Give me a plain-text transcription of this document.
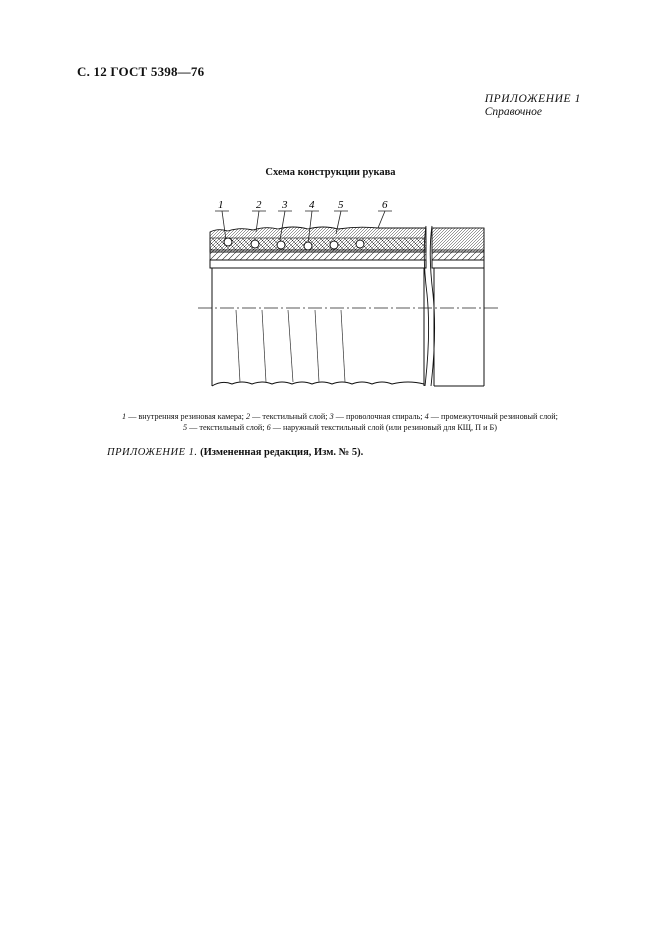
С. 12 ГОСТ 5398—76
ПРИЛОЖЕНИЕ 1
Справочное
Схема конструкции рукава
1	2 3 4 5	6
1 — внутренняя резиновая камера; 2 — текстильный слой; 3 — проволочная спираль; 4 — промежуточный резиновый слой;
5 — текстильный слой; 6 — наружный текстильный слой (или резиновый для КЩ, П и Б)
ПРИЛОЖЕНИЕ 1. (Измененная редакция, Изм. № 5).
